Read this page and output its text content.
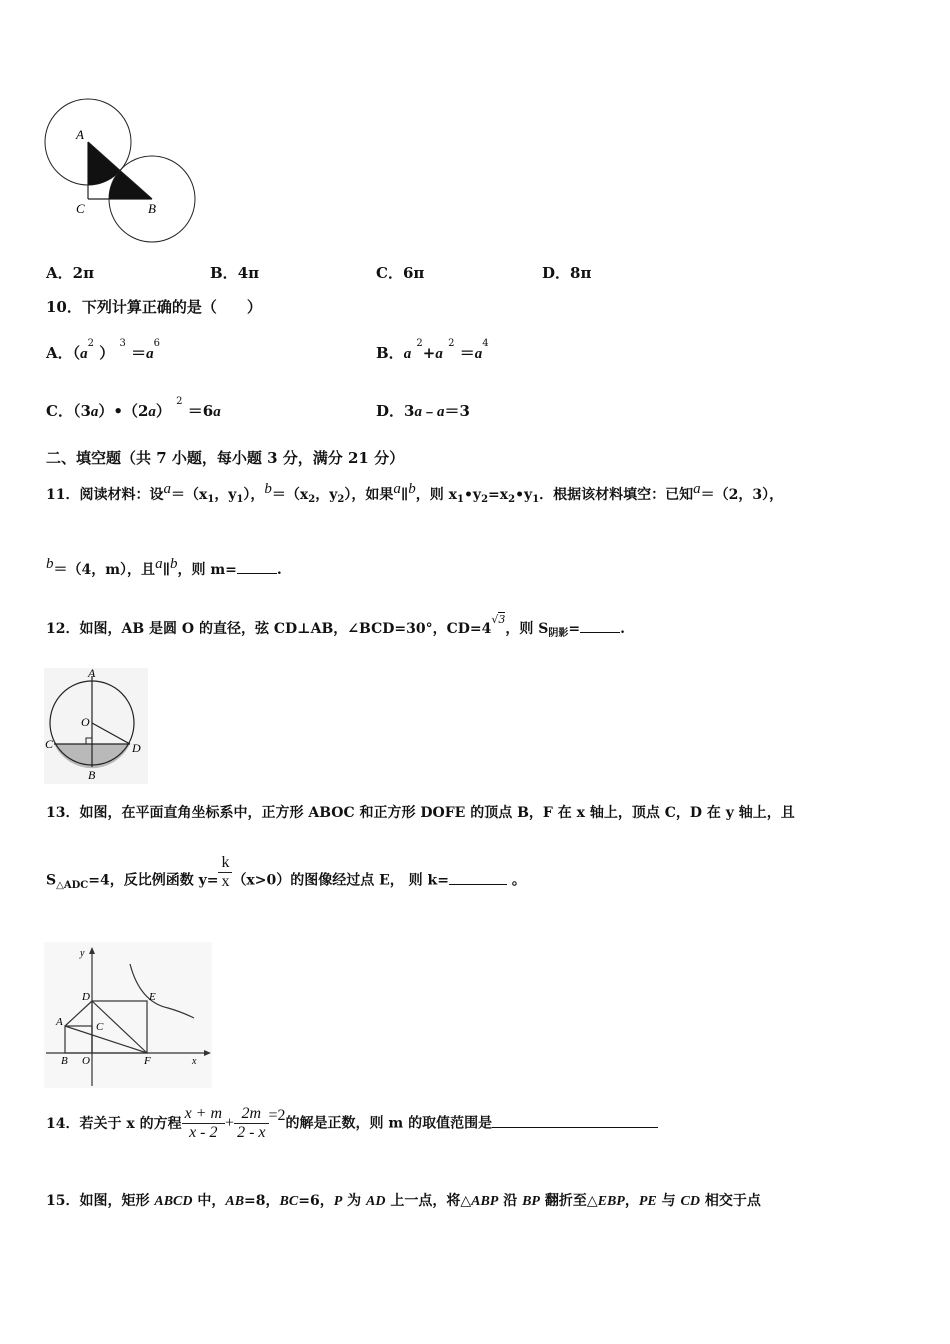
A
C	B
A．2π	B．4π	C．6π	D．8π
10．下列计算正确的是（　　）
A．（$a^2$ ） $^3 =a^6$
B．a $^2$+a $^2 =a^4$
C．（3a）•（2a） $^2$ ＝6a	D．3a﹣a＝3
二、填空题（共 7 小题，每小题 3 分，满分 21 分）
11．阅读材料：设$a=(x_1$，$y_1$），$b=(x_2$，$y_2$），如果a∥b，则 $x_1•y_2=x_2•y_1$．根据该材料填空：已知a＝（2，3），
b＝（4，m），且a∥b，则 m=	.
12．如图，AB 是圆 O 的直径，弦 CD⊥AB，∠BCD=30°，$CD=4^{√3}$，则 $S_{阴影}=$	.
A
O
C	D
B
13．如图，在平面直角坐标系中，正方形 ABOC 和正方形 DOFE 的顶点 B，F 在 x 轴上，顶点 C，D 在 y 轴上，且
$S_{\triangle ADC}=4$，反比例函数 $y= \frac{k}{x} (x>0)$的图像经过点 E， 则 k=	。
y
x
D	E
A	C
B O	F
14．若关于 x 的方程 $\frac{x + m}{x - 2} + \frac{2m}{2 - x} =2$的解是正数，则 m 的取值范围是
15．如图，矩形 ABCD 中，AB=8，BC=6，P 为 AD 上一点，将△ABP 沿 BP 翻折至△EBP，PE 与 CD 相交于点
